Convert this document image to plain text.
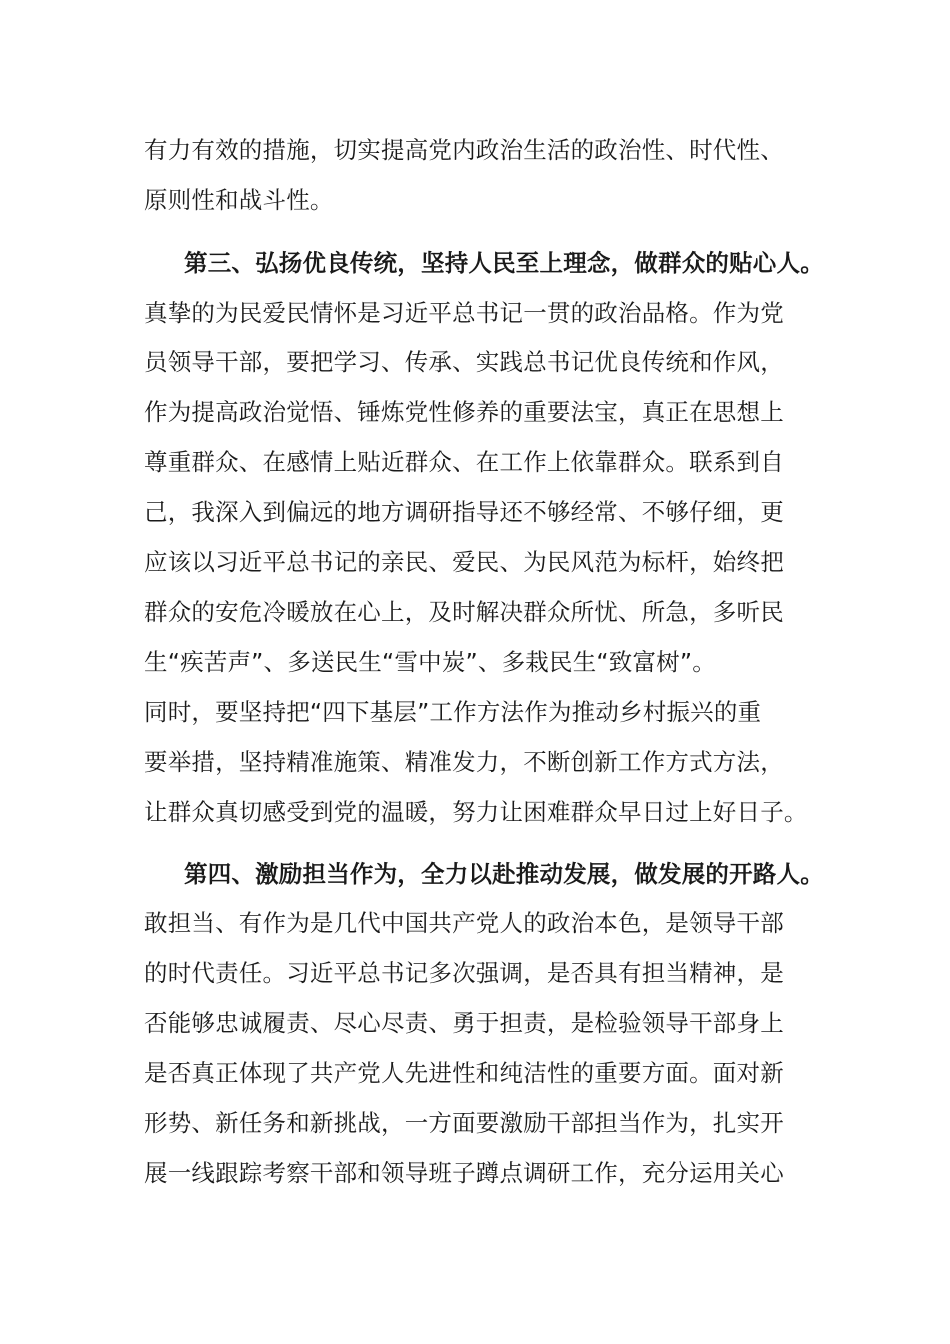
有力有效的措施，切实提高党内政治生活的政治性、时代性、
原则性和战斗性。
第三、弘扬优良传统，坚持人民至上理念，做群众的贴心人。
真挚的为民爱民情怀是习近平总书记一贯的政治品格。作为党
员领导干部，要把学习、传承、实践总书记优良传统和作风，
作为提高政治觉悟、锤炼党性修养的重要法宝，真正在思想上
尊重群众、在感情上贴近群众、在工作上依靠群众。联系到自
己，我深入到偏远的地方调研指导还不够经常、不够仔细，更
应该以习近平总书记的亲民、爱民、为民风范为标杆，始终把
群众的安危冷暖放在心上，及时解决群众所忧、所急，多听民
生“疾苦声”、多送民生“雪中炭”、多栽民生“致富树”。
同时，要坚持把“四下基层”工作方法作为推动乡村振兴的重
要举措，坚持精准施策、精准发力，不断创新工作方式方法，
让群众真切感受到党的温暖，努力让困难群众早日过上好日子。
第四、激励担当作为，全力以赴推动发展，做发展的开路人。
敢担当、有作为是几代中国共产党人的政治本色，是领导干部
的时代责任。习近平总书记多次强调，是否具有担当精神，是
否能够忠诚履责、尽心尽责、勇于担责，是检验领导干部身上
是否真正体现了共产党人先进性和纯洁性的重要方面。面对新
形势、新任务和新挑战，一方面要激励干部担当作为，扎实开
展一线跟踪考察干部和领导班子蹲点调研工作，充分运用关心
